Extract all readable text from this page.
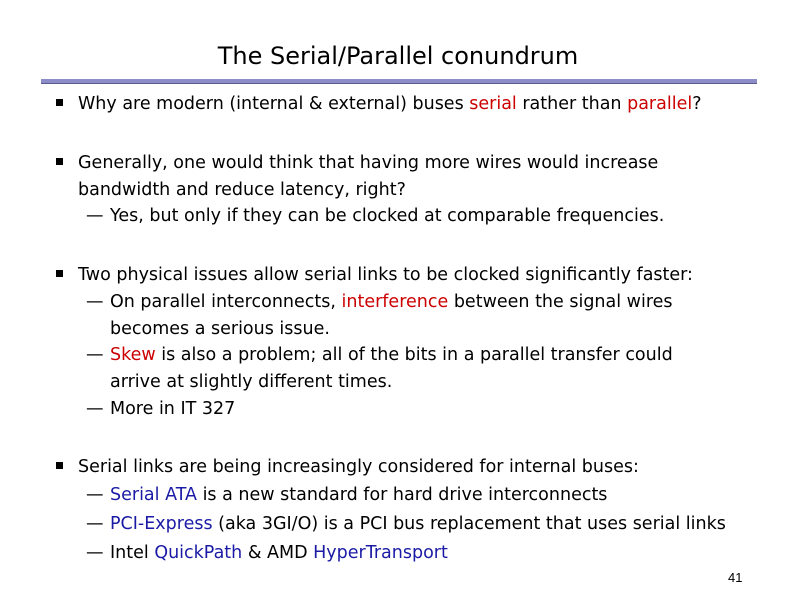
The Serial/Parallel conundrum
Why are modern (internal & external) buses serial rather than parallel?
Generally, one would think that having more wires would increase
bandwidth and reduce latency, right?
— Yes, but only if they can be clocked at comparable frequencies.
Two physical issues allow serial links to be clocked significantly faster:
— On parallel interconnects, interference between the signal wires
becomes a serious issue.
— Skew is also a problem; all of the bits in a parallel transfer could
arrive at slightly different times.
— More in IT 327
Serial links are being increasingly considered for internal buses:
— Serial ATA is a new standard for hard drive interconnects
— PCI-Express (aka 3GI/O) is a PCI bus replacement that uses serial links
— Intel QuickPath & AMD HyperTransport
41
